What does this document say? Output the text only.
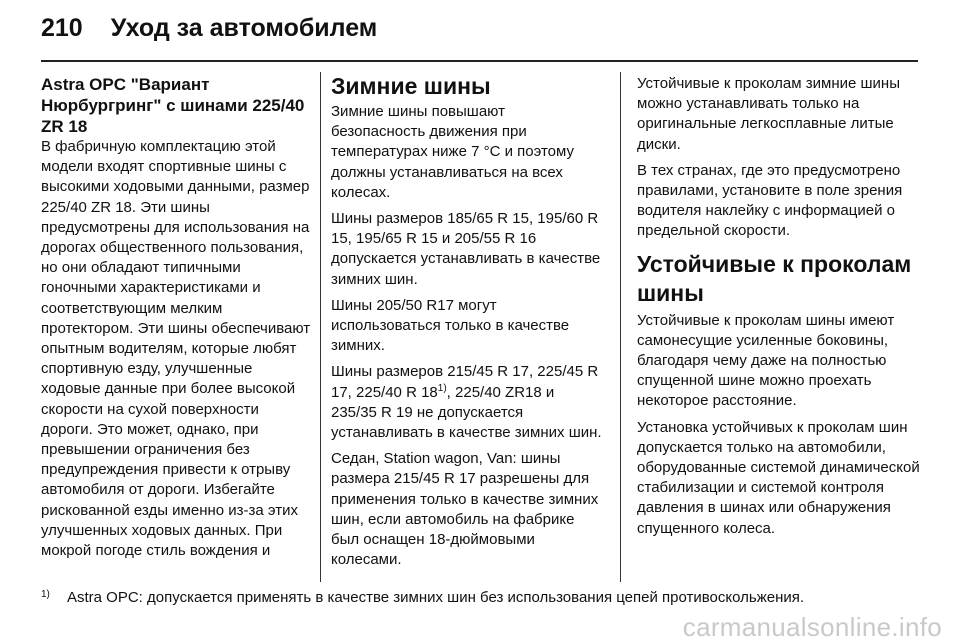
210 Уход за автомобилем
Astra OPC "Вариант Нюрбургринг" с шинами 225/40 ZR 18

В фабричную комплектацию этой модели входят спортивные шины с высокими ходовыми данными, размер 225/40 ZR 18. Эти шины предусмотрены для использования на дорогах общественного пользования, но они обладают типичными гоночными характеристиками и соответствующим мелким протектором. Эти шины обеспечивают опытным водителям, которые любят спортивную езду, улучшенные ходовые данные при более высокой скорости на сухой поверхности дороги. Это может, однако, при превышении ограничения без предупреждения привести к отрыву автомобиля от дороги. Избегайте рискованной езды именно из-за этих улучшенных ходовых данных. При мокрой погоде стиль вождения и

Зимние шины

Зимние шины повышают безопасность движения при температурах ниже 7 °C и поэтому должны устанавливаться на всех колесах.

Шины размеров 185/65 R 15, 195/60 R 15, 195/65 R 15 и 205/55 R 16 допускается устанавливать в качестве зимних шин.

Шины 205/50 R17 могут использоваться только в качестве зимних.

Шины размеров 215/45 R 17, 225/45 R 17, 225/40 R 18$^{1)}$, 225/40 ZR18 и 235/35 R 19 не допускается устанавливать в качестве зимних шин.

Седан, Station wagon, Van: шины размера 215/45 R 17 разрешены для применения только в качестве зимних шин, если автомобиль на фабрике был оснащен 18-дюймовыми колесами.

Устойчивые к проколам зимние шины можно устанавливать только на оригинальные легкосплавные литые диски.

В тех странах, где это предусмотрено правилами, установите в поле зрения водителя наклейку с информацией о предельной скорости.

Устойчивые к проколам шины

Устойчивые к проколам шины имеют самонесущие усиленные боковины, благодаря чему даже на полностью спущенной шине можно проехать некоторое расстояние.

Установка устойчивых к проколам шин допускается только на автомобили, оборудованные системой динамической стабилизации и системой контроля давления в шинах или обнаружения спущенного колеса.

1)	Astra OPC: допускается применять в качестве зимних шин без использования цепей противоскольжения.
carmanualsonline.info
